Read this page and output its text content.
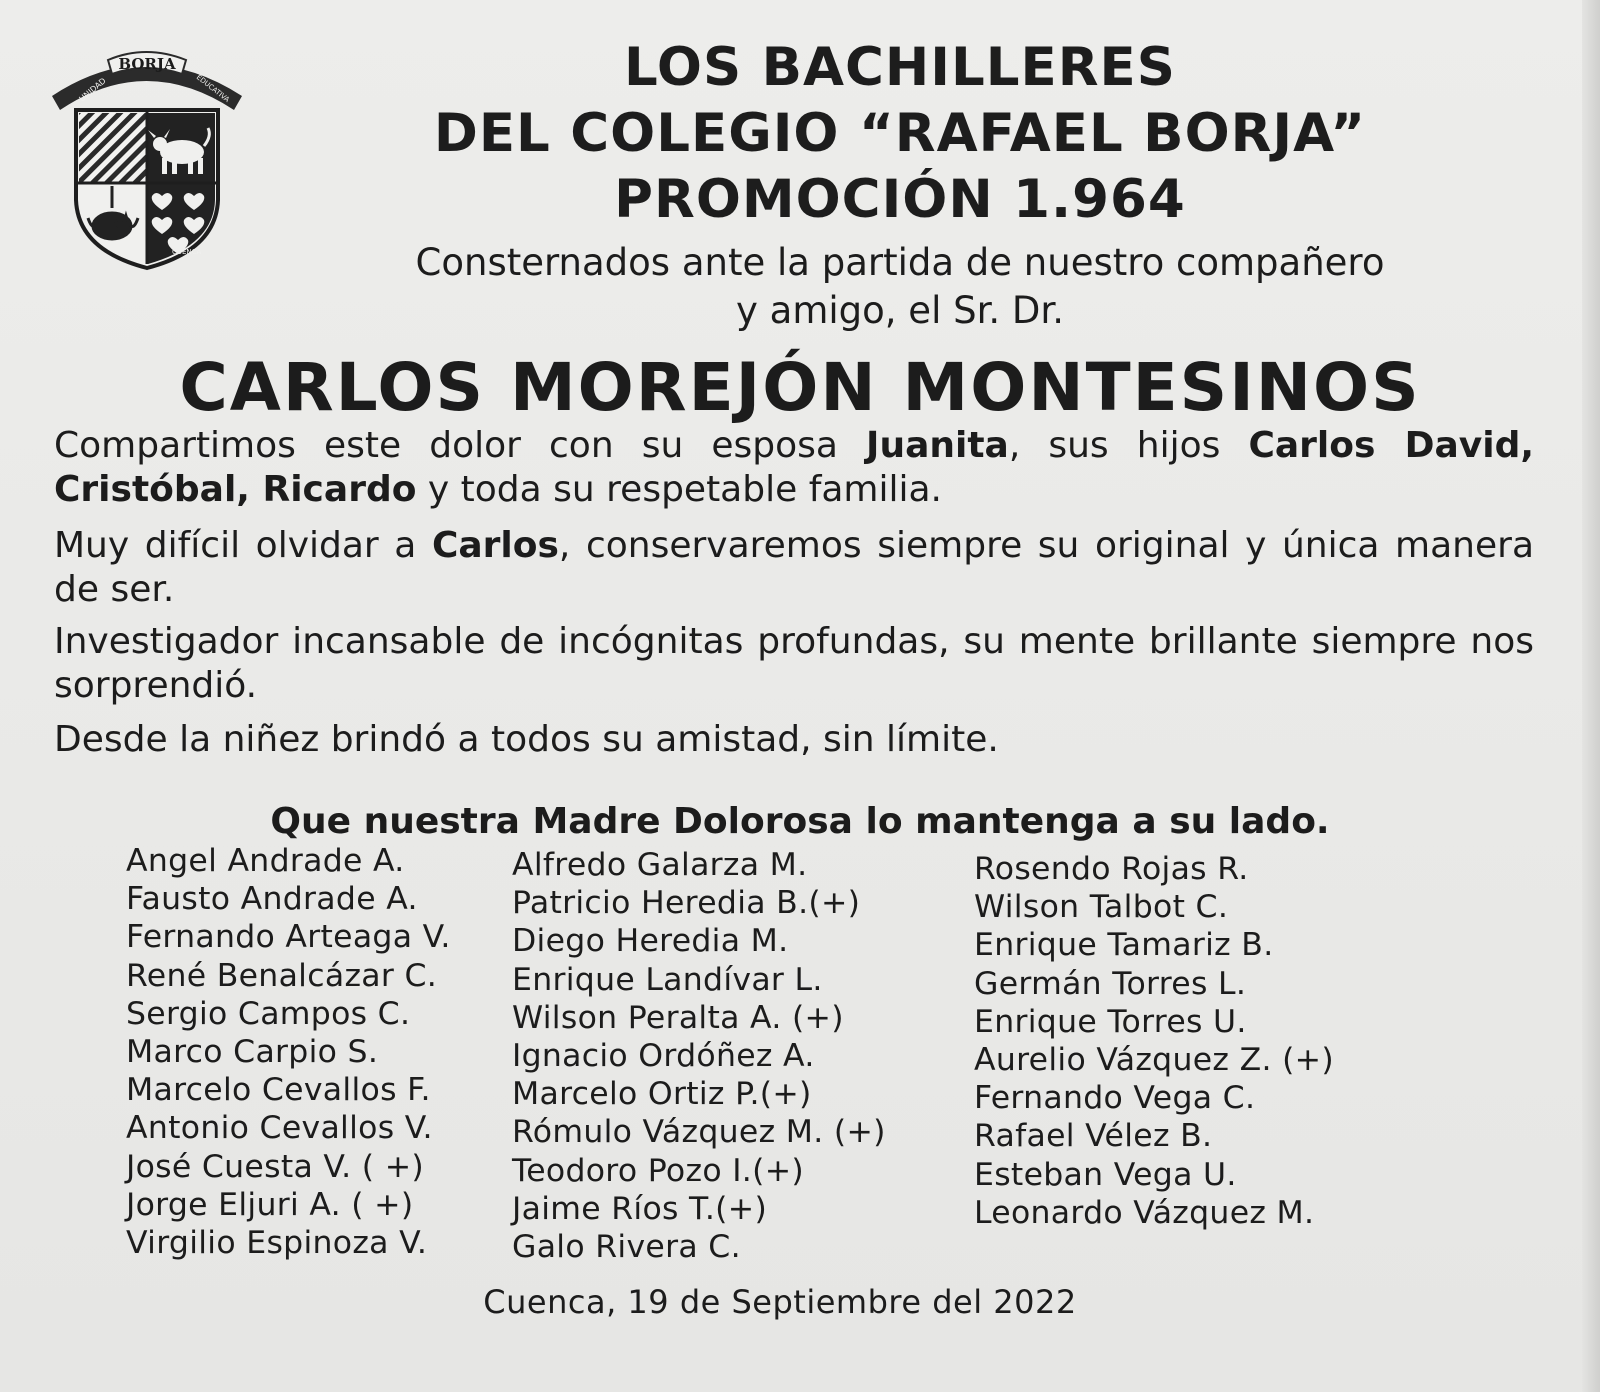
BORJA
UNIDAD	EDUCATIVA
CUENCA
LOS BACHILLERES
DEL COLEGIO “RAFAEL BORJA”
PROMOCIÓN 1.964

Consternados ante la partida de nuestro compañero

y amigo, el Sr. Dr.

CARLOS MOREJÓN MONTESINOS

Compartimos este dolor con su esposa Juanita, sus hijos Carlos David, Cristóbal, Ricardo y toda su respetable familia.

Muy difícil olvidar a Carlos, conservaremos siempre su original y única manera de ser.

Investigador incansable de incógnitas profundas, su mente brillante siempre nos sorprendió.

Desde la niñez brindó a todos su amistad, sin límite.

Que nuestra Madre Dolorosa lo mantenga a su lado.

Angel Andrade A.
Fausto Andrade A.
Fernando Arteaga V.
René Benalcázar C.
Sergio Campos C.
Marco Carpio S.
Marcelo Cevallos F.
Antonio Cevallos V.
José Cuesta V. ( +)
Jorge Eljuri A. ( +)
Virgilio Espinoza V.
Alfredo Galarza M.
Patricio Heredia B.(+)
Diego Heredia M.
Enrique Landívar L.
Wilson Peralta A. (+)
Ignacio Ordóñez A.
Marcelo Ortiz P.(+)
Rómulo Vázquez M. (+)
Teodoro Pozo I.(+)
Jaime Ríos T.(+)
Galo Rivera C.
Rosendo Rojas R.
Wilson Talbot C.
Enrique Tamariz B.
Germán Torres L.
Enrique Torres U.
Aurelio Vázquez Z. (+)
Fernando Vega C.
Rafael Vélez B.
Esteban Vega U.
Leonardo Vázquez M.

Cuenca, 19 de Septiembre del 2022
